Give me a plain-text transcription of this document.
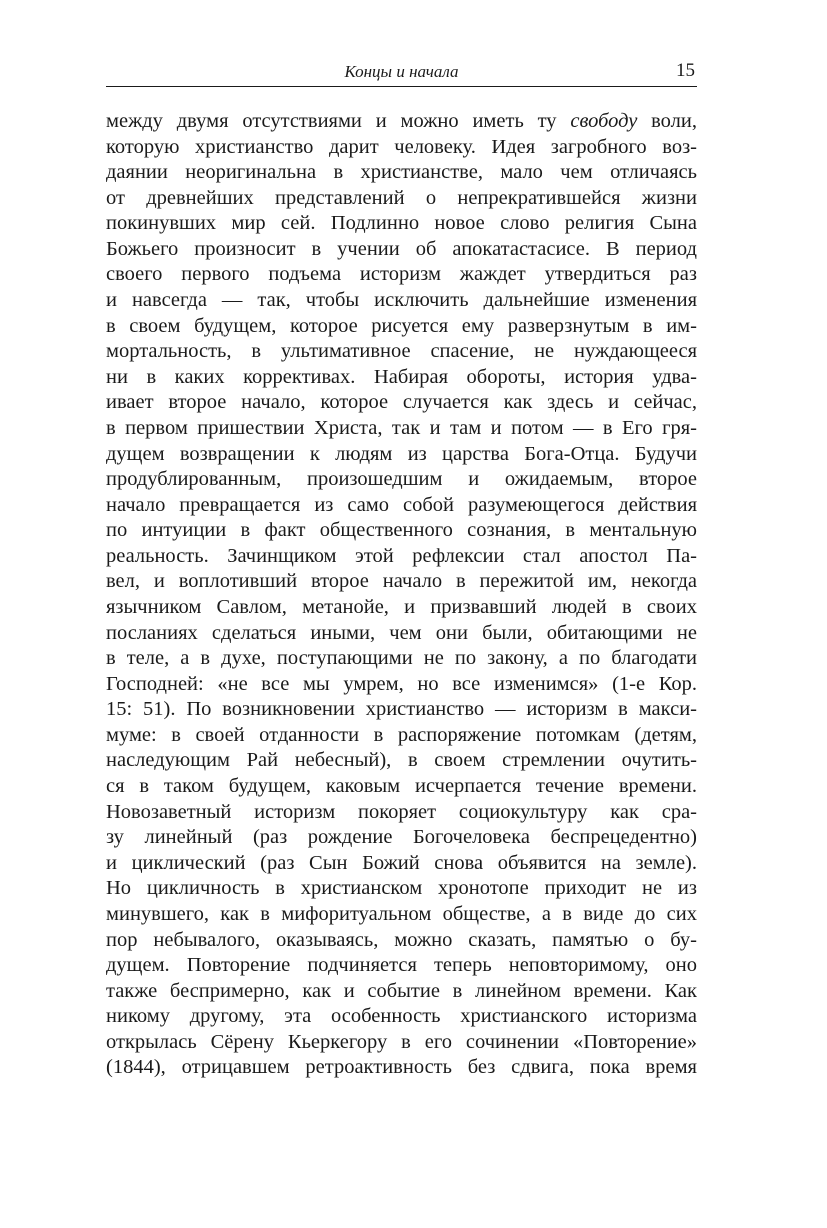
Концы и начала	15
между двумя отсутствиями и можно иметь ту свободу воли,
которую христианство дарит человеку. Идея загробного воз-
даянии неоригинальна в христианстве, мало чем отличаясь
от древнейших представлений о непрекратившейся жизни
покинувших мир сей. Подлинно новое слово религия Сына
Божьего произносит в учении об апокатастасисе. В период
своего первого подъема историзм жаждет утвердиться раз
и навсегда — так, чтобы исключить дальнейшие изменения
в своем будущем, которое рисуется ему разверзнутым в им-
мортальность, в ультимативное спасение, не нуждающееся
ни в каких коррективах. Набирая обороты, история удва-
ивает второе начало, которое случается как здесь и сейчас,
в первом пришествии Христа, так и там и потом — в Его гря-
дущем возвращении к людям из царства Бога-Отца. Будучи
продублированным, произошедшим и ожидаемым, второе
начало превращается из само собой разумеющегося действия
по интуиции в факт общественного сознания, в ментальную
реальность. Зачинщиком этой рефлексии стал апостол Па-
вел, и воплотивший второе начало в пережитой им, некогда
язычником Савлом, метанойе, и призвавший людей в своих
посланиях сделаться иными, чем они были, обитающими не
в теле, а в духе, поступающими не по закону, а по благодати
Господней: «не все мы умрем, но все изменимся» (1-е Кор.
15: 51). По возникновении христианство — историзм в макси-
муме: в своей отданности в распоряжение потомкам (детям,
наследующим Рай небесный), в своем стремлении очутить-
ся в таком будущем, каковым исчерпается течение времени.
Новозаветный историзм покоряет социокультуру как сра-
зу линейный (раз рождение Богочеловека беспрецедентно)
и циклический (раз Сын Божий снова объявится на земле).
Но цикличность в христианском хронотопе приходит не из
минувшего, как в мифоритуальном обществе, а в виде до сих
пор небывалого, оказываясь, можно сказать, памятью о бу-
дущем. Повторение подчиняется теперь неповторимому, оно
также беспримерно, как и событие в линейном времени. Как
никому другому, эта особенность христианского историзма
открылась Сёрену Кьеркегору в его сочинении «Повторение»
(1844), отрицавшем ретроактивность без сдвига, пока время
